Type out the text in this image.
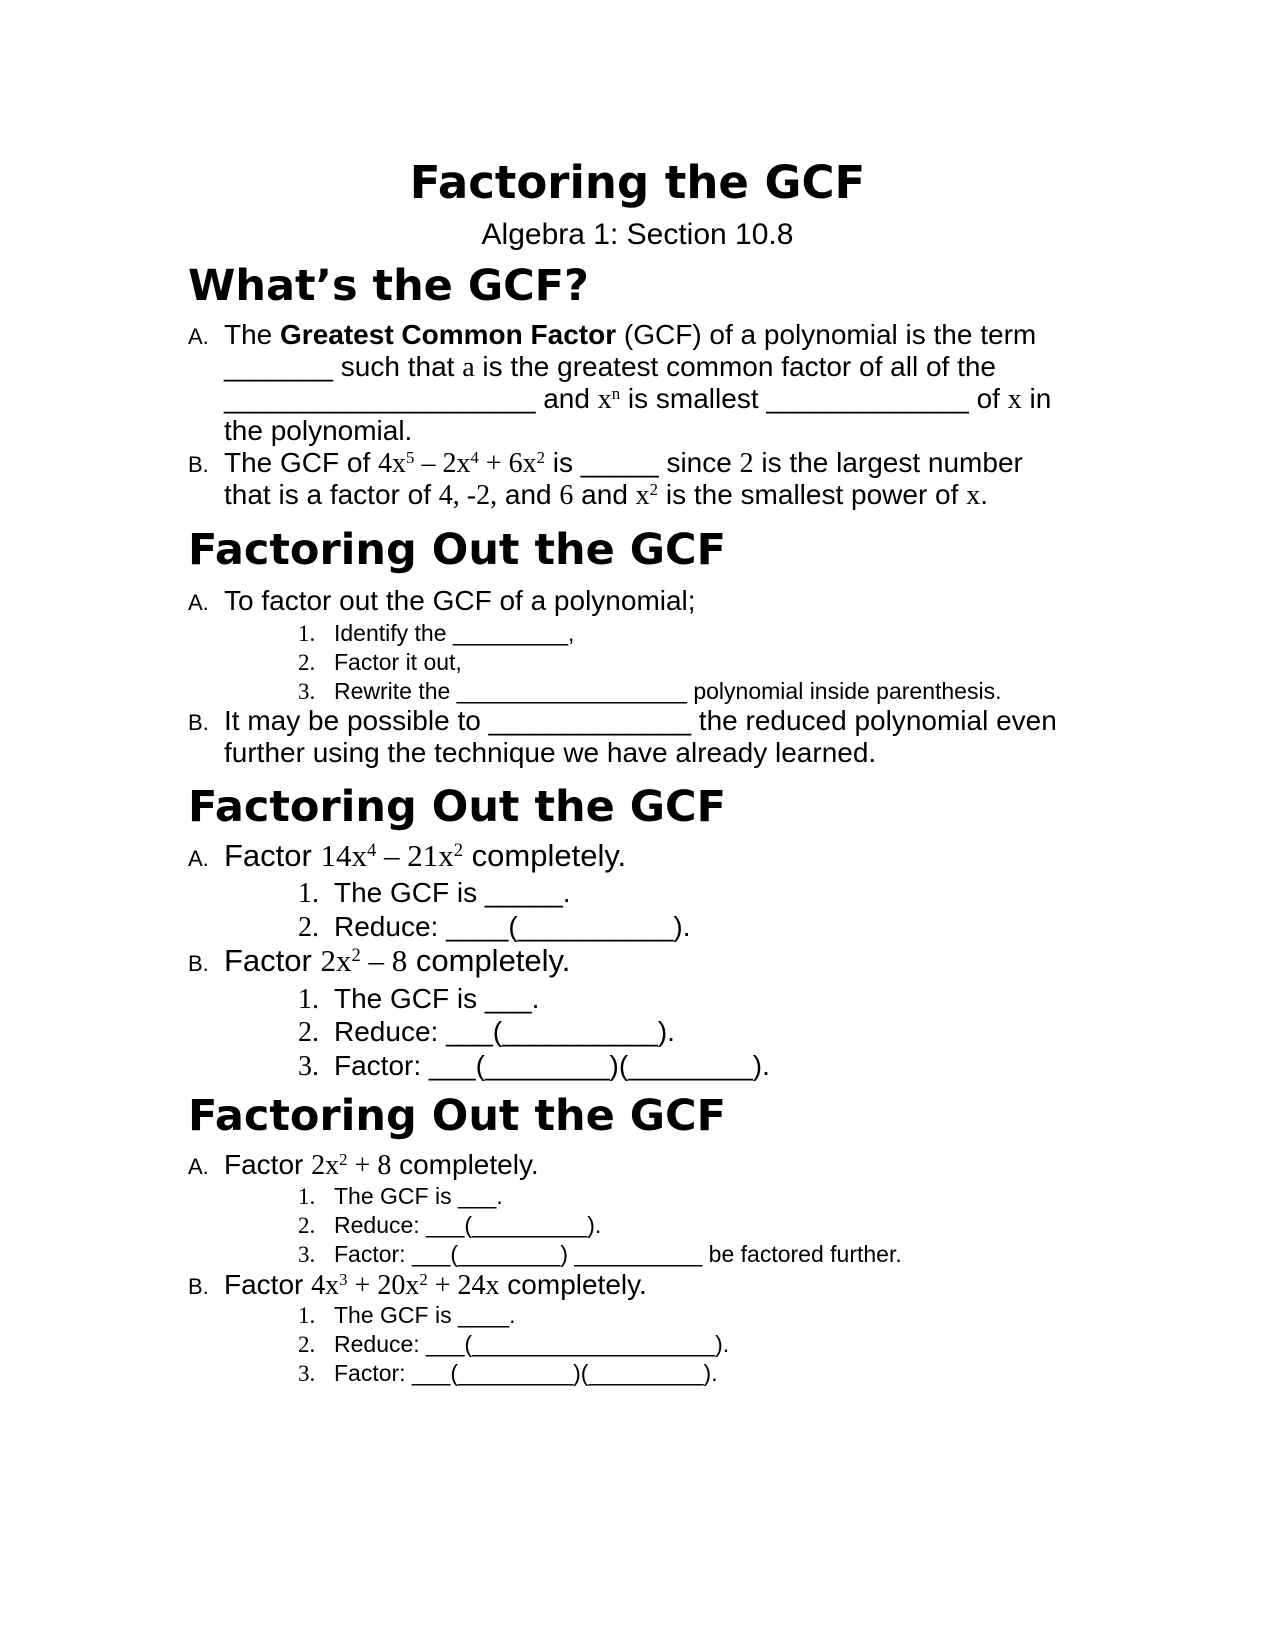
Factoring the GCF
Algebra 1: Section 10.8
What’s the GCF?
A. The Greatest Common Factor (GCF) of a polynomial is the term
_______ such that a is the greatest common factor of all of the
____________________ and $x^n$ is smallest _____________ of x in
the polynomial.
B. The GCF of $4x^5 - 2x^4 + 6x^2$ is _____ since 2 is the largest number
that is a factor of 4, -2, and 6 and $x^2$ is the smallest power of x.
Factoring Out the GCF
A. To factor out the GCF of a polynomial;
1. Identify the _________,
2. Factor it out,
3. Rewrite the __________________ polynomial inside parenthesis.
B. It may be possible to _____________ the reduced polynomial even
further using the technique we have already learned.
Factoring Out the GCF
A. Factor $14x^4 - 21x^2$ completely.
1. The GCF is _____.
2. Reduce: ____(__________).
B. Factor $2x^2 - 8$ completely.
1. The GCF is ___.
2. Reduce: ___(__________).
3. Factor: ___(________)(________).
Factoring Out the GCF
A. Factor $2x^2 + 8$ completely.
1. The GCF is ___.
2. Reduce: ___(_________).
3. Factor: ___(________) __________ be factored further.
B. Factor $4x^3 + 20x^2 + 24x$ completely.
1. The GCF is ____.
2. Reduce: ___(___________________).
3. Factor: ___(_________)(_________).
